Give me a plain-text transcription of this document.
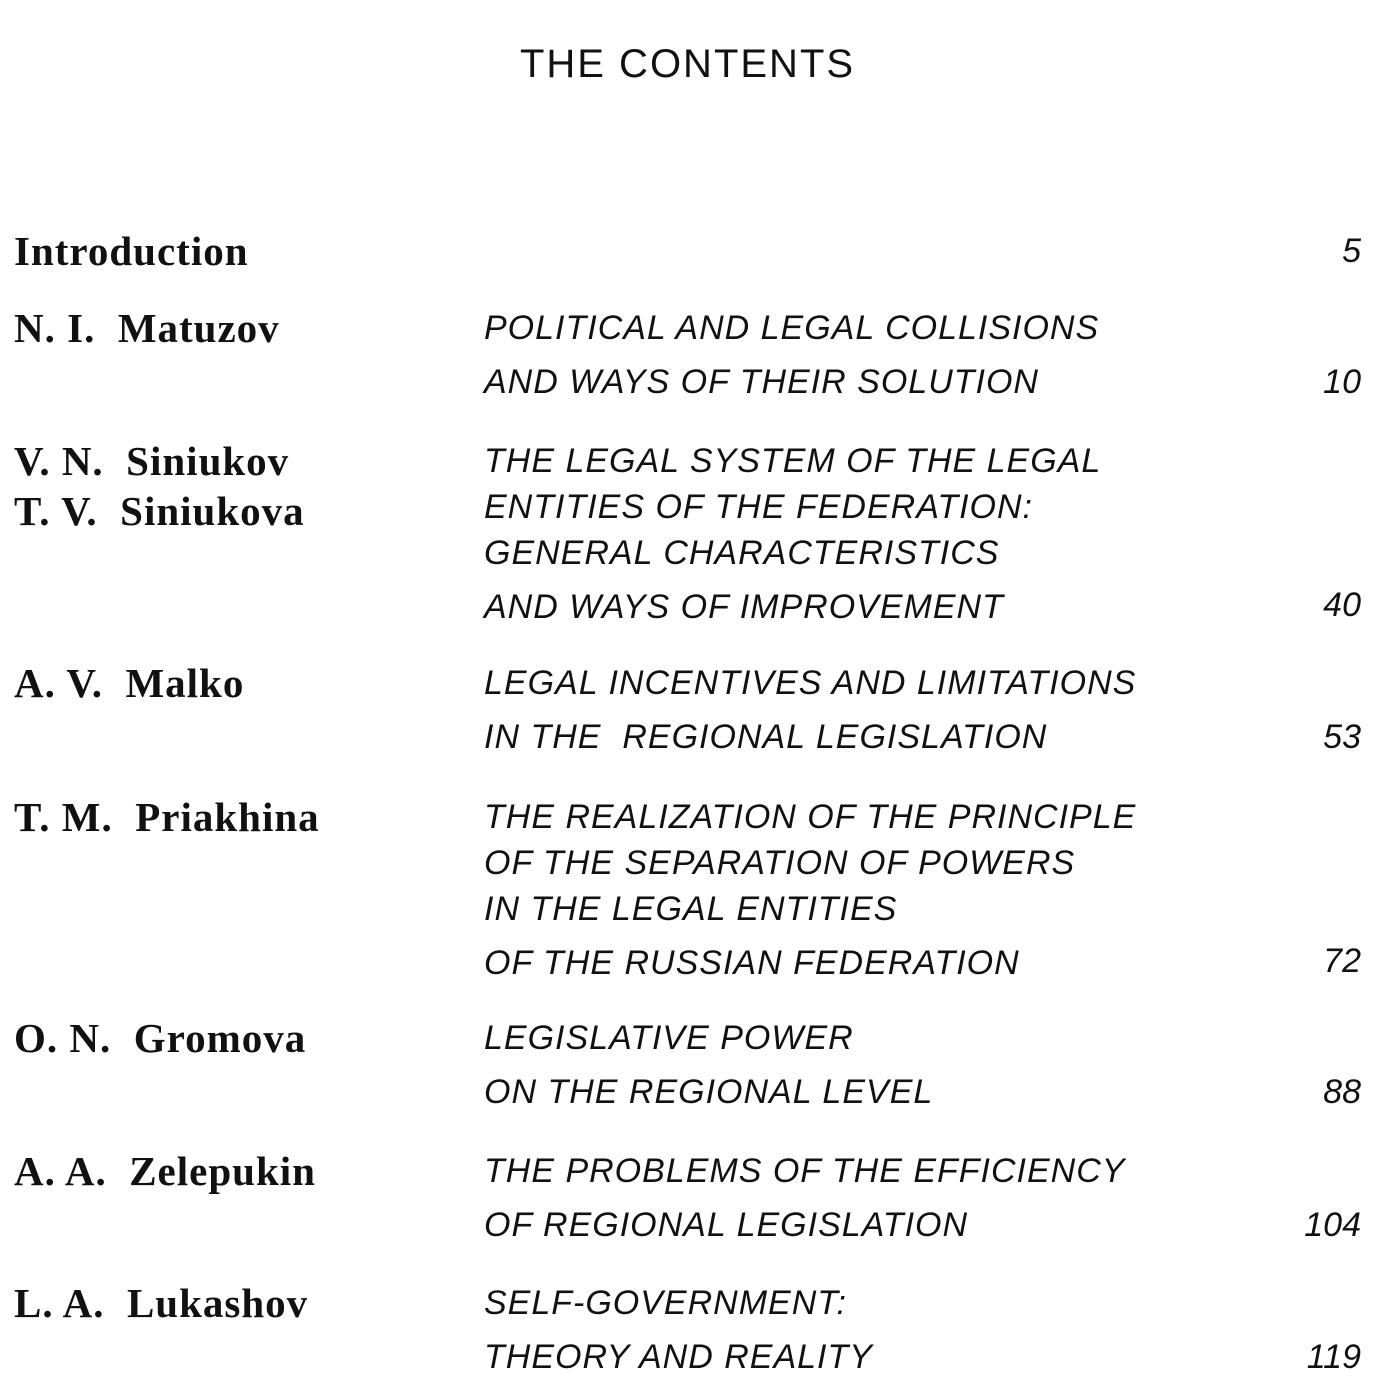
THE CONTENTS
Introduction	5
N. I.  Matuzov	POLITICAL AND LEGAL COLLISIONS
AND WAYS OF THEIR SOLUTION	10
V. N.  Siniukov
T. V.  Siniukova
THE LEGAL SYSTEM OF THE LEGAL
ENTITIES OF THE FEDERATION:
GENERAL CHARACTERISTICS
AND WAYS OF IMPROVEMENT	40
A. V.  Malko	LEGAL INCENTIVES AND LIMITATIONS
IN THE  REGIONAL LEGISLATION	53
T. M.  Priakhina	THE REALIZATION OF THE PRINCIPLE
OF THE SEPARATION OF POWERS
IN THE LEGAL ENTITIES
OF THE RUSSIAN FEDERATION	72
O. N.  Gromova	LEGISLATIVE POWER
ON THE REGIONAL LEVEL	88
A. A.  Zelepukin	THE PROBLEMS OF THE EFFICIENCY
OF REGIONAL LEGISLATION	104
L. A.  Lukashov	SELF-GOVERNMENT:
THEORY AND REALITY	119
